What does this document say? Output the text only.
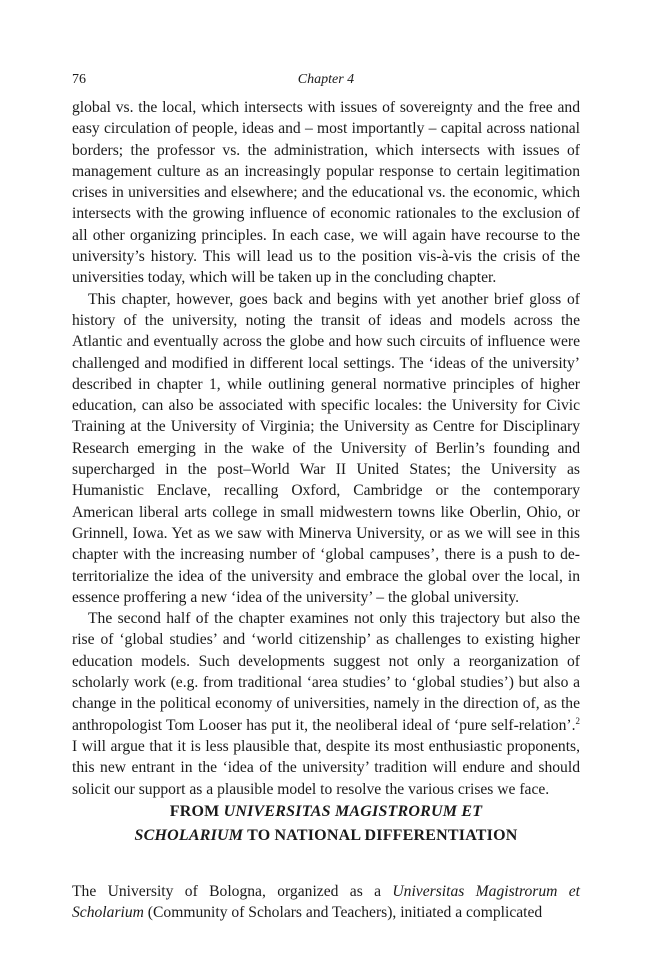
76	Chapter 4

global vs. the local, which intersects with issues of sovereignty and the free and easy circulation of people, ideas and – most importantly – capital across national borders; the professor vs. the administration, which intersects with issues of management culture as an increasingly popular response to certain legitimation crises in universities and elsewhere; and the educational vs. the economic, which intersects with the growing influence of economic rationales to the exclusion of all other organizing principles. In each case, we will again have recourse to the university’s history. This will lead us to the position vis-à-vis the crisis of the universities today, which will be taken up in the concluding chapter.

This chapter, however, goes back and begins with yet another brief gloss of history of the university, noting the transit of ideas and models across the Atlantic and eventually across the globe and how such circuits of influence were challenged and modified in different local settings. The ‘ideas of the university’ described in chapter 1, while outlining general normative principles of higher education, can also be associated with specific locales: the University for Civic Training at the University of Virginia; the University as Centre for Disciplinary Research emerging in the wake of the University of Berlin’s founding and supercharged in the post–World War II United States; the University as Humanistic Enclave, recalling Oxford, Cambridge or the contemporary American liberal arts college in small midwestern towns like Oberlin, Ohio, or Grinnell, Iowa. Yet as we saw with Minerva University, or as we will see in this chapter with the increasing number of ‘global campuses’, there is a push to de-territorialize the idea of the university and embrace the global over the local, in essence proffering a new ‘idea of the university’ – the global university.

The second half of the chapter examines not only this trajectory but also the rise of ‘global studies’ and ‘world citizenship’ as challenges to existing higher education models. Such developments suggest not only a reorganization of scholarly work (e.g. from traditional ‘area studies’ to ‘global studies’) but also a change in the political economy of universities, namely in the direction of, as the anthropologist Tom Looser has put it, the neoliberal ideal of ‘pure self-relation’.$^2$ I will argue that it is less plausible that, despite its most enthusiastic proponents, this new entrant in the ‘idea of the university’ tradition will endure and should solicit our support as a plausible model to resolve the various crises we face.

FROM UNIVERSITAS MAGISTRORUM ET
SCHOLARIUM TO NATIONAL DIFFERENTIATION

The University of Bologna, organized as a Universitas Magistrorum et Scholarium (Community of Scholars and Teachers), initiated a complicated
